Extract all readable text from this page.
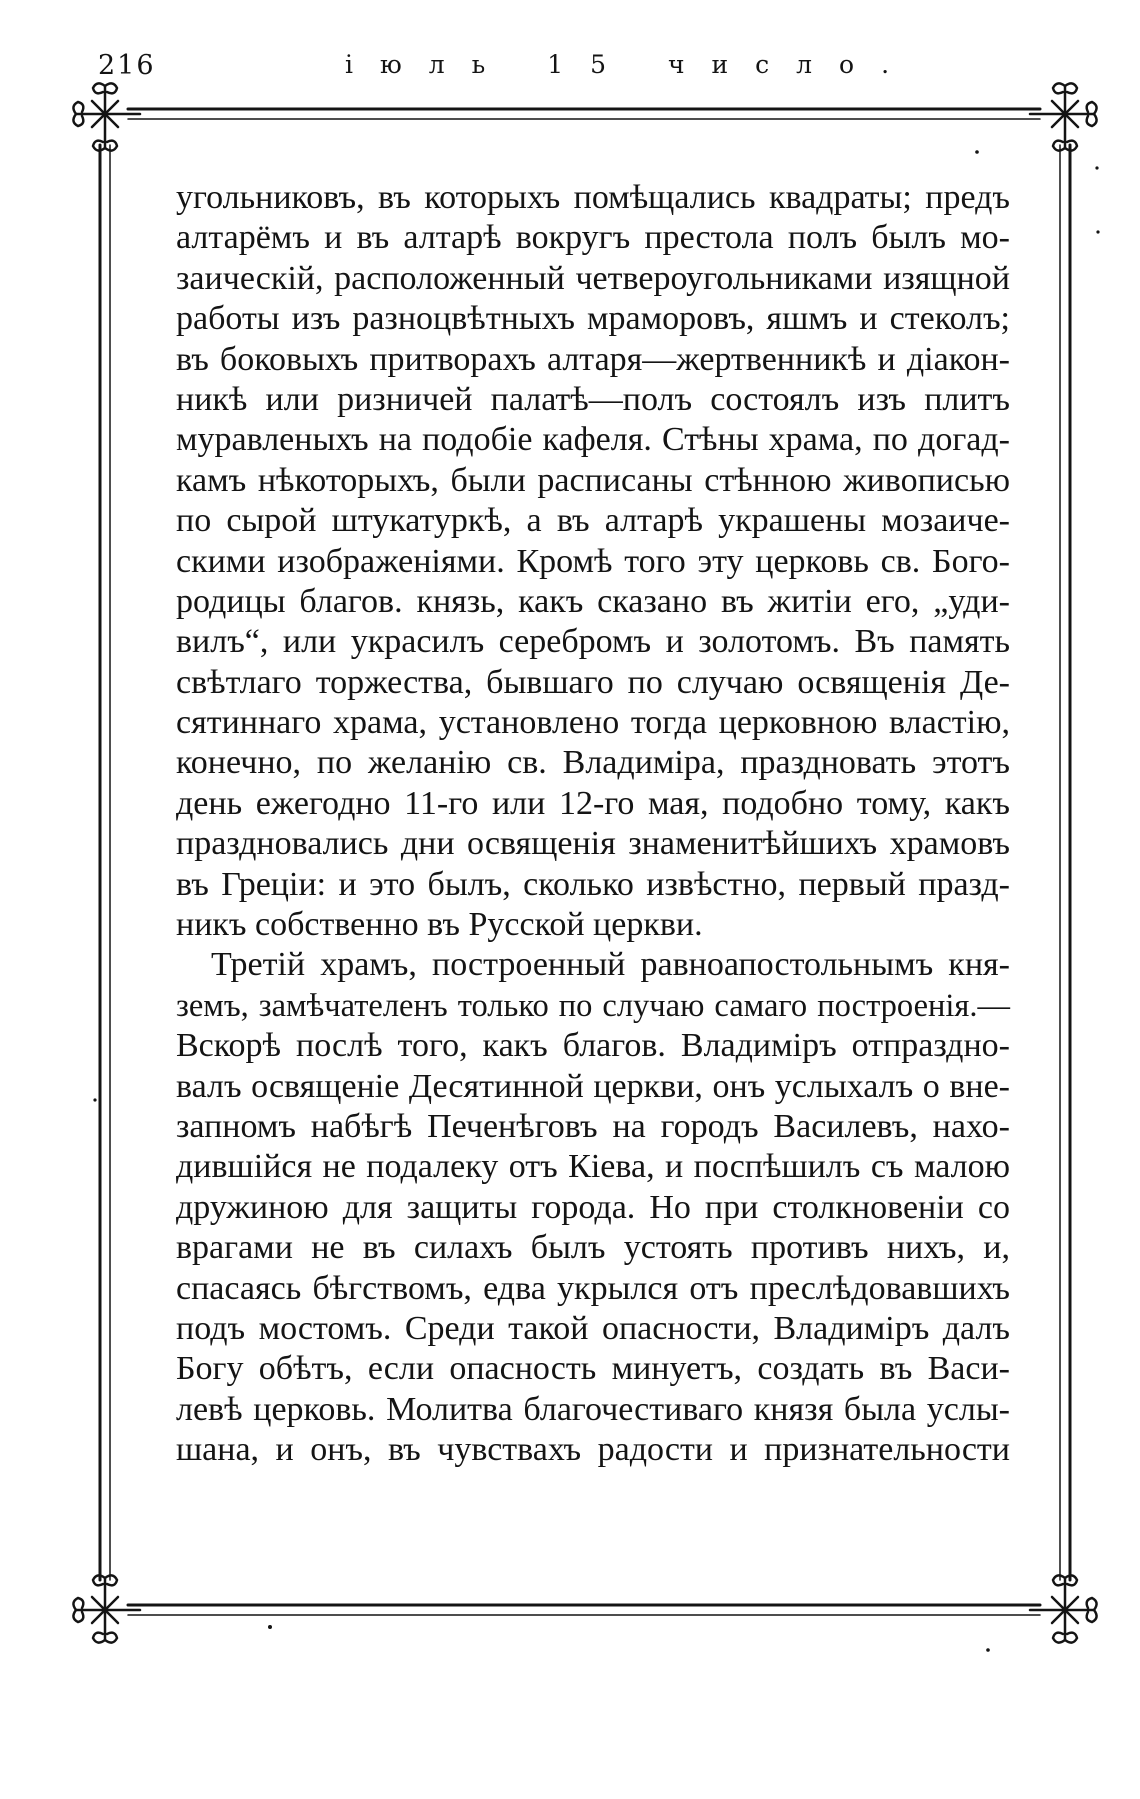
216	іюль 15 число.
угольниковъ, въ которыхъ помѣщались квадраты; предъ
алтарёмъ и въ алтарѣ вокругъ престола полъ былъ мо-
заическій, расположенный четвероугольниками изящной
работы изъ разноцвѣтныхъ мраморовъ, яшмъ и стеколъ;
въ боковыхъ притворахъ алтаря—жертвенникѣ и діакон-
никѣ или ризничей палатѣ—полъ состоялъ изъ плитъ
муравленыхъ на подобіе кафеля. Стѣны храма, по догад-
камъ нѣкоторыхъ, были расписаны стѣнною живописью
по сырой штукатуркѣ, а въ алтарѣ украшены мозаиче-
скими изображеніями. Кромѣ того эту церковь св. Бого-
родицы благов. князь, какъ сказано въ житіи его, „уди-
вилъ“, или украсилъ серебромъ и золотомъ. Въ память
свѣтлаго торжества, бывшаго по случаю освященія Де-
сятиннаго храма, установлено тогда церковною властію,
конечно, по желанію св. Владиміра, праздновать этотъ
день ежегодно 11-го или 12-го мая, подобно тому, какъ
праздновались дни освященія знаменитѣйшихъ храмовъ
въ Греціи: и это былъ, сколько извѣстно, первый празд-
никъ собственно въ Русской церкви.
Третій храмъ, построенный равноапостольнымъ кня-
земъ, замѣчателенъ только по случаю самаго построенія.—
Вскорѣ послѣ того, какъ благов. Владиміръ отпраздно-
валъ освященіе Десятинной церкви, онъ услыхалъ о вне-
запномъ набѣгѣ Печенѣговъ на городъ Василевъ, нахо-
дившійся не подалеку отъ Кіева, и поспѣшилъ съ малою
дружиною для защиты города. Но при столкновеніи со
врагами не въ силахъ былъ устоять противъ нихъ, и,
спасаясь бѣгствомъ, едва укрылся отъ преслѣдовавшихъ
подъ мостомъ. Среди такой опасности, Владиміръ далъ
Богу обѣтъ, если опасность минуетъ, создать въ Васи-
левѣ церковь. Молитва благочестиваго князя была услы-
шана, и онъ, въ чувствахъ радости и признательности
